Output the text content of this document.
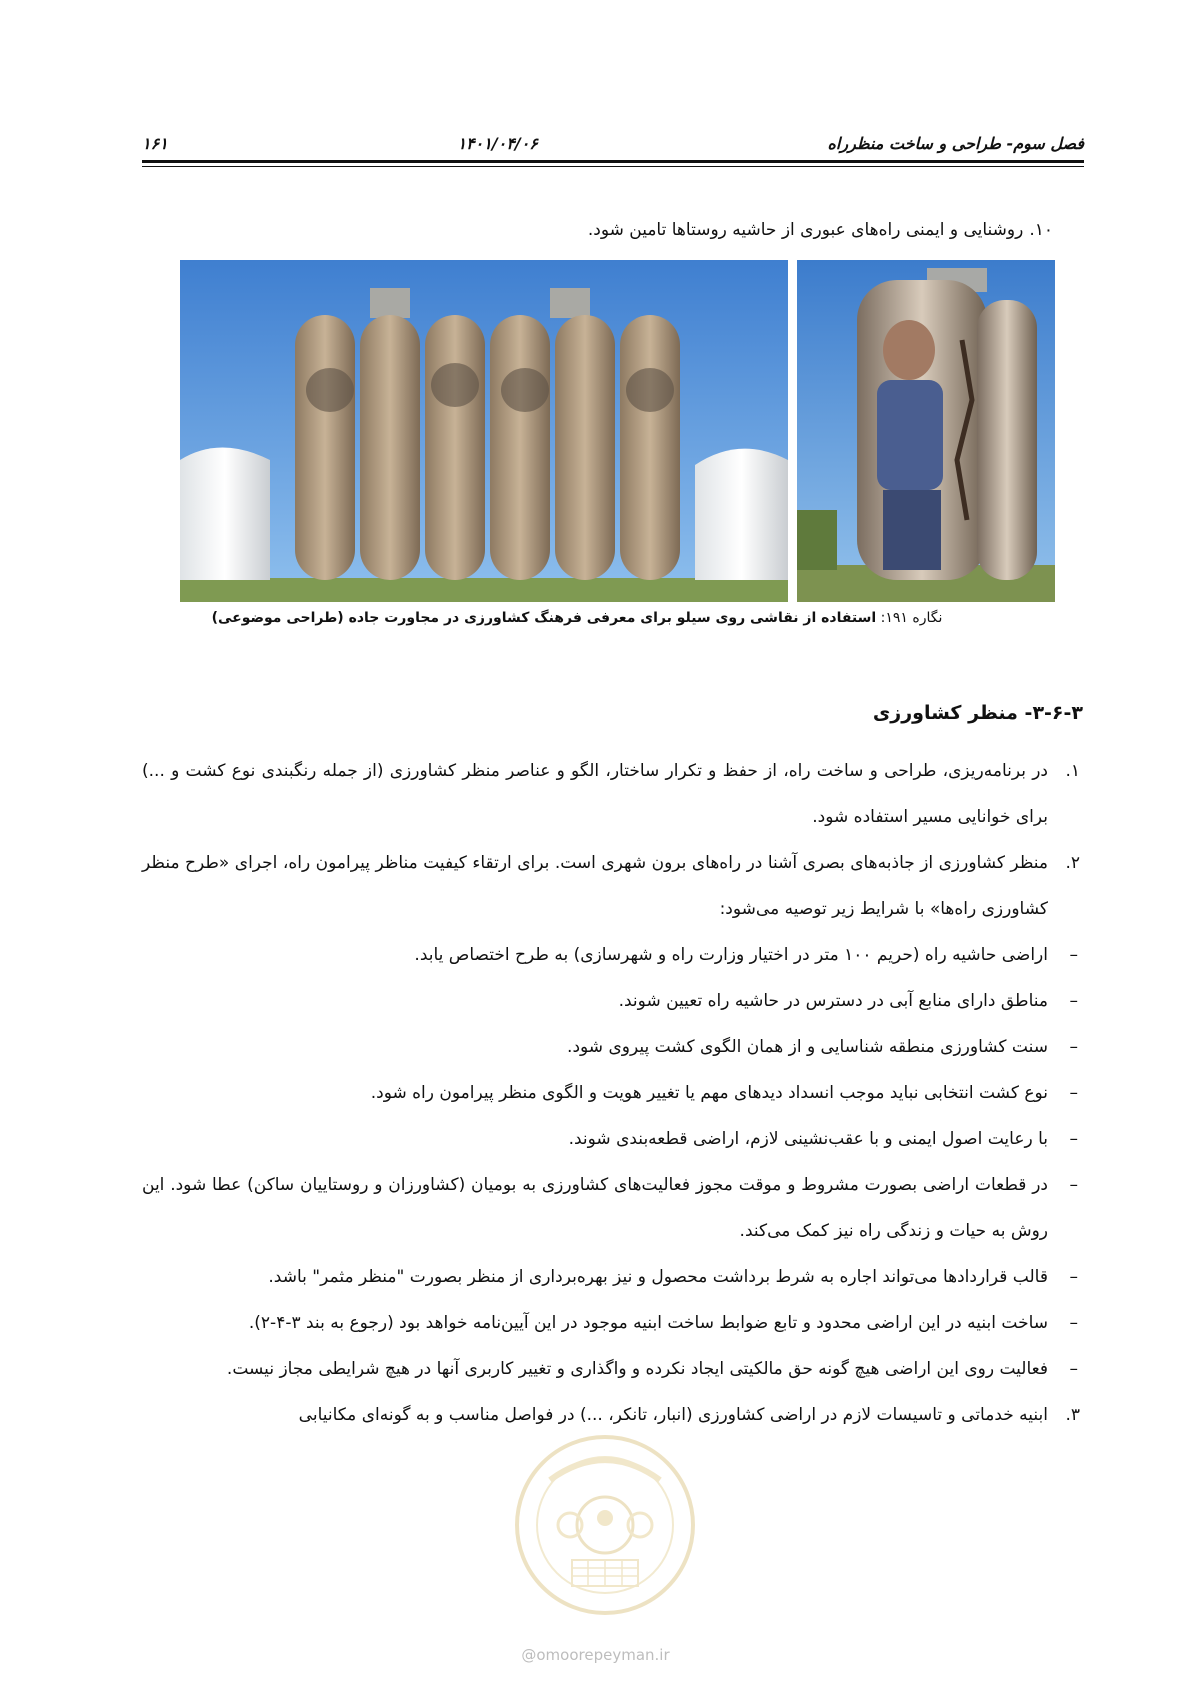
فصل سوم- طراحی و ساخت منظرراه
۱۴۰۱/۰۴/۰۶
۱۶۱
۱۰.روشنایی و ایمنی راه‌های عبوری از حاشیه روستاها تامین شود.
نگاره ۱۹۱: استفاده از نقاشی روی سیلو برای معرفی فرهنگ کشاورزی در مجاورت جاده (طراحی موضوعی)
۳-۶-۳- منظر کشاورزی
۱.
در برنامه‌ریزی، طراحی و ساخت راه، از حفظ و تکرار ساختار، الگو و عناصر منظر کشاورزی (از جمله رنگبندی نوع کشت و ...) برای خوانایی مسیر استفاده شود.
۲.
منظر کشاورزی از جاذبه‌های بصری آشنا در راه‌های برون شهری است. برای ارتقاء کیفیت مناظر پیرامون راه، اجرای «طرح منظر کشاورزی راه‌ها» با شرایط زیر توصیه می‌شود:
–
اراضی حاشیه راه (حریم ۱۰۰ متر در اختیار وزارت راه و شهرسازی) به طرح اختصاص یابد.
–
مناطق دارای منابع آبی در دسترس در حاشیه راه تعیین شوند.
–
سنت کشاورزی منطقه شناسایی و از همان الگوی کشت پیروی شود.
–
نوع کشت انتخابی نباید موجب انسداد دیدهای مهم یا تغییر هویت و الگوی منظر پیرامون راه شود.
–
با رعایت اصول ایمنی و با عقب‌نشینی لازم، اراضی قطعه‌بندی شوند.
–
در قطعات اراضی بصورت مشروط و موقت مجوز فعالیت‌های کشاورزی به بومیان (کشاورزان و روستاییان ساکن) عطا شود. این روش به حیات و زندگی راه نیز کمک می‌کند.
–
قالب قراردادها می‌تواند اجاره به شرط برداشت محصول و نیز بهره‌برداری از منظر بصورت "منظر مثمر" باشد.
–
ساخت ابنیه در این اراضی محدود و تابع ضوابط ساخت ابنیه موجود در این آیین‌نامه خواهد بود (رجوع به بند ۳-۴-۲).
–
فعالیت روی این اراضی هیچ گونه حق مالکیتی ایجاد نکرده و واگذاری و تغییر کاربری آنها در هیچ شرایطی مجاز نیست.
۳.
ابنیه خدماتی و تاسیسات لازم در اراضی کشاورزی (انبار، تانکر، ...) در فواصل مناسب و به گونه‌ای مکانیابی
@omoorepeyman.ir
